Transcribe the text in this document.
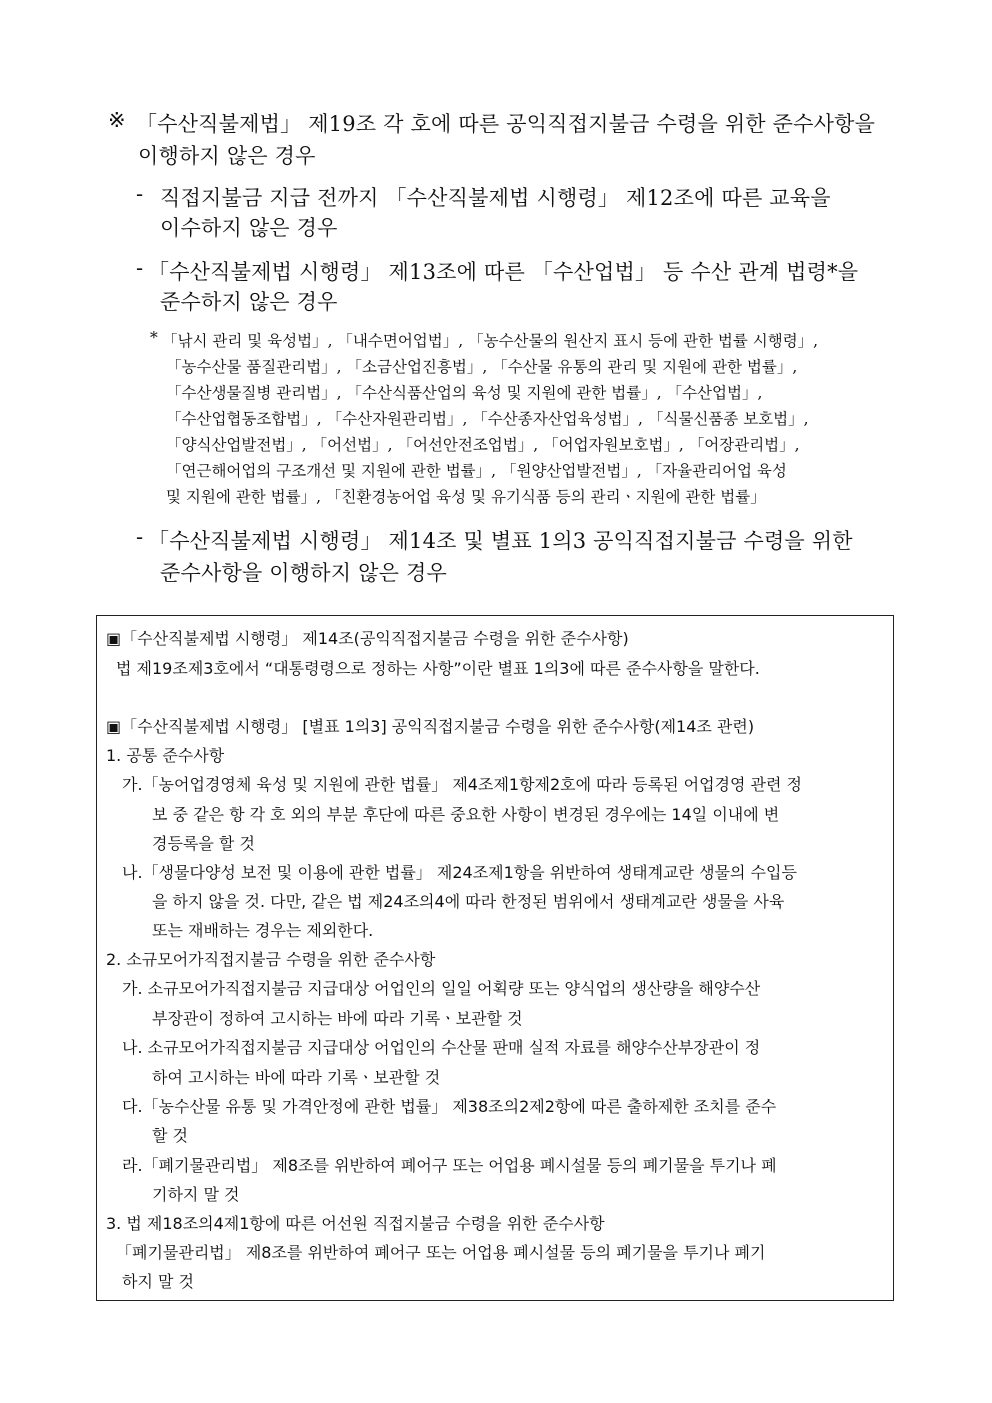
※ 「수산직불제법」 제19조 각 호에 따른 공익직접지불금 수령을 위한 준수사항을
이행하지 않은 경우
- 직접지불금 지급 전까지 「수산직불제법 시행령」 제12조에 따른 교육을
이수하지 않은 경우
- 「수산직불제법 시행령」 제13조에 따른 「수산업법」 등 수산 관계 법령*을
준수하지 않은 경우
* 「낚시 관리 및 육성법」, 「내수면어업법」, 「농수산물의 원산지 표시 등에 관한 법률 시행령」,
「농수산물 품질관리법」, 「소금산업진흥법」, 「수산물 유통의 관리 및 지원에 관한 법률」,
「수산생물질병 관리법」, 「수산식품산업의 육성 및 지원에 관한 법률」, 「수산업법」,
「수산업협동조합법」, 「수산자원관리법」, 「수산종자산업육성법」, 「식물신품종 보호법」,
「양식산업발전법」, 「어선법」, 「어선안전조업법」, 「어업자원보호법」, 「어장관리법」,
「연근해어업의 구조개선 및 지원에 관한 법률」, 「원양산업발전법」, 「자율관리어업 육성
및 지원에 관한 법률」, 「친환경농어업 육성 및 유기식품 등의 관리ㆍ지원에 관한 법률」
- 「수산직불제법 시행령」 제14조 및 별표 1의3 공익직접지불금 수령을 위한
준수사항을 이행하지 않은 경우
▣「수산직불제법 시행령」 제14조(공익직접지불금 수령을 위한 준수사항)
법 제19조제3호에서 “대통령령으로 정하는 사항”이란 별표 1의3에 따른 준수사항을 말한다.
▣「수산직불제법 시행령」 [별표 1의3] 공익직접지불금 수령을 위한 준수사항(제14조 관련)
1. 공통 준수사항
가.「농어업경영체 육성 및 지원에 관한 법률」 제4조제1항제2호에 따라 등록된 어업경영 관련 정
보 중 같은 항 각 호 외의 부분 후단에 따른 중요한 사항이 변경된 경우에는 14일 이내에 변
경등록을 할 것
나.「생물다양성 보전 및 이용에 관한 법률」 제24조제1항을 위반하여 생태계교란 생물의 수입등
을 하지 않을 것. 다만, 같은 법 제24조의4에 따라 한정된 범위에서 생태계교란 생물을 사육
또는 재배하는 경우는 제외한다.
2. 소규모어가직접지불금 수령을 위한 준수사항
가. 소규모어가직접지불금 지급대상 어업인의 일일 어획량 또는 양식업의 생산량을 해양수산
부장관이 정하여 고시하는 바에 따라 기록ㆍ보관할 것
나. 소규모어가직접지불금 지급대상 어업인의 수산물 판매 실적 자료를 해양수산부장관이 정
하여 고시하는 바에 따라 기록ㆍ보관할 것
다.「농수산물 유통 및 가격안정에 관한 법률」 제38조의2제2항에 따른 출하제한 조치를 준수
할 것
라.「폐기물관리법」 제8조를 위반하여 폐어구 또는 어업용 폐시설물 등의 폐기물을 투기나 폐
기하지 말 것
3. 법 제18조의4제1항에 따른 어선원 직접지불금 수령을 위한 준수사항
「폐기물관리법」 제8조를 위반하여 폐어구 또는 어업용 폐시설물 등의 폐기물을 투기나 폐기
하지 말 것
